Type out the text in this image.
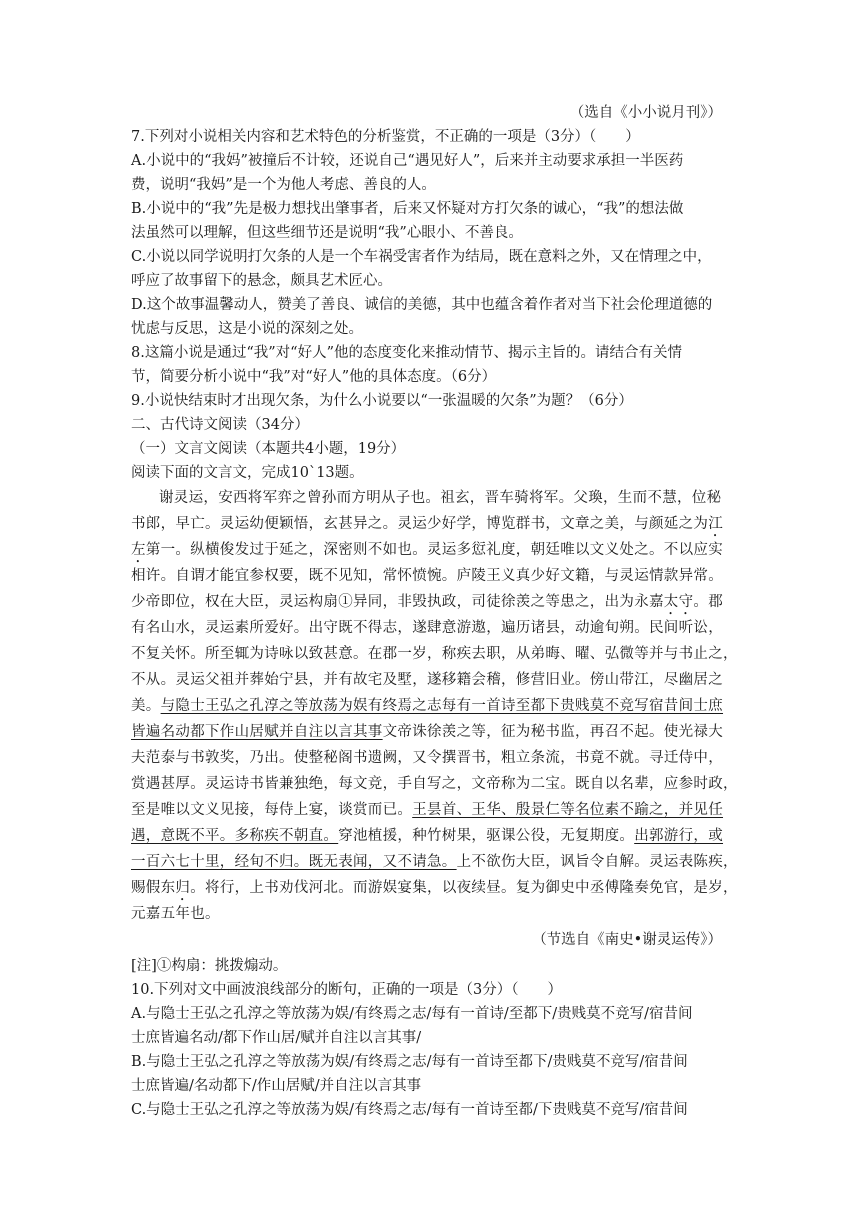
（选自《小小说月刊》）
7.下列对小说相关内容和艺术特色的分析鉴赏，不正确的一项是（3分）（　　）
A.小说中的“我妈”被撞后不计较，还说自己“遇见好人”，后来并主动要求承担一半医药
费，说明“我妈”是一个为他人考虑、善良的人。
B.小说中的“我”先是极力想找出肇事者，后来又怀疑对方打欠条的诚心，“我”的想法做
法虽然可以理解，但这些细节还是说明“我”心眼小、不善良。
C.小说以同学说明打欠条的人是一个车祸受害者作为结局，既在意料之外，又在情理之中，
呼应了故事留下的悬念，颇具艺术匠心。
D.这个故事温馨动人，赞美了善良、诚信的美德，其中也蕴含着作者对当下社会伦理道德的
忧虑与反思，这是小说的深刻之处。
8.这篇小说是通过“我”对“好人”他的态度变化来推动情节、揭示主旨的。请结合有关情
节，简要分析小说中“我”对“好人”他的具体态度。（6分）
9.小说快结束时才出现欠条，为什么小说要以“一张温暖的欠条”为题？（6分）
二、古代诗文阅读（34分）
（一）文言文阅读（本题共4小题，19分）
阅读下面的文言文，完成10`13题。
谢灵运，安西将军弈之曾孙而方明从子也。祖玄，晋车骑将军。父瑍，生而不慧，位秘
书郎，早亡。灵运幼便颖悟，玄甚异之。灵运少好学，博览群书，文章之美，与颜延之为江
左第一。纵横俊发过于延之，深密则不如也。灵运多愆礼度，朝廷唯以文义处之。不以应实
相许。自谓才能宜参权要，既不见知，常怀愤惋。庐陵王义真少好文籍，与灵运情款异常。
少帝即位，权在大臣，灵运构扇①异同，非毁执政，司徒徐羡之等患之，出为永嘉太守。郡
有名山水，灵运素所爱好。出守既不得志，遂肆意游遨，遍历诸县，动逾旬朔。民间听讼，
不复关怀。所至辄为诗咏以致甚意。在郡一岁，称疾去职，从弟晦、曜、弘微等并与书止之，
不从。灵运父祖并葬始宁县，并有故宅及墅，遂移籍会稽，修营旧业。傍山带江，尽幽居之
美。与隐士王弘之孔淳之等放荡为娱有终焉之志每有一首诗至都下贵贱莫不竞写宿昔间士庶
皆遍名动都下作山居赋并自注以言其事文帝诛徐羡之等，征为秘书监，再召不起。使光禄大
夫范泰与书敦奖，乃出。使整秘阁书遗阙，又令撰晋书，粗立条流，书竟不就。寻迁侍中，
赏遇甚厚。灵运诗书皆兼独绝，每文竞，手自写之，文帝称为二宝。既自以名辈，应参时政，
至是唯以文义见接，每侍上宴，谈赏而已。王昙首、王华、殷景仁等名位素不踰之，并见任
遇，意既不平。多称疾不朝直。穿池植援，种竹树果，驱课公役，无复期度。出郭游行，或
一百六七十里，经旬不归。既无表闻，又不请急。上不欲伤大臣，讽旨令自解。灵运表陈疾，
赐假东归。将行，上书劝伐河北。而游娱宴集，以夜续昼。复为御史中丞傅隆奏免官，是岁，
元嘉五年也。
（节选自《南史•谢灵运传》）
[注]①构扇：挑拨煽动。
10.下列对文中画波浪线部分的断句，正确的一项是（3分）（　　）
A.与隐士王弘之孔淳之等放荡为娱/有终焉之志/每有一首诗/至都下/贵贱莫不竞写/宿昔间
士庶皆遍名动/都下作山居/赋并自注以言其事/
B.与隐士王弘之孔淳之等放荡为娱/有终焉之志/每有一首诗至都下/贵贱莫不竞写/宿昔间
士庶皆遍/名动都下/作山居赋/并自注以言其事
C.与隐士王弘之孔淳之等放荡为娱/有终焉之志/每有一首诗至都/下贵贱莫不竞写/宿昔间
